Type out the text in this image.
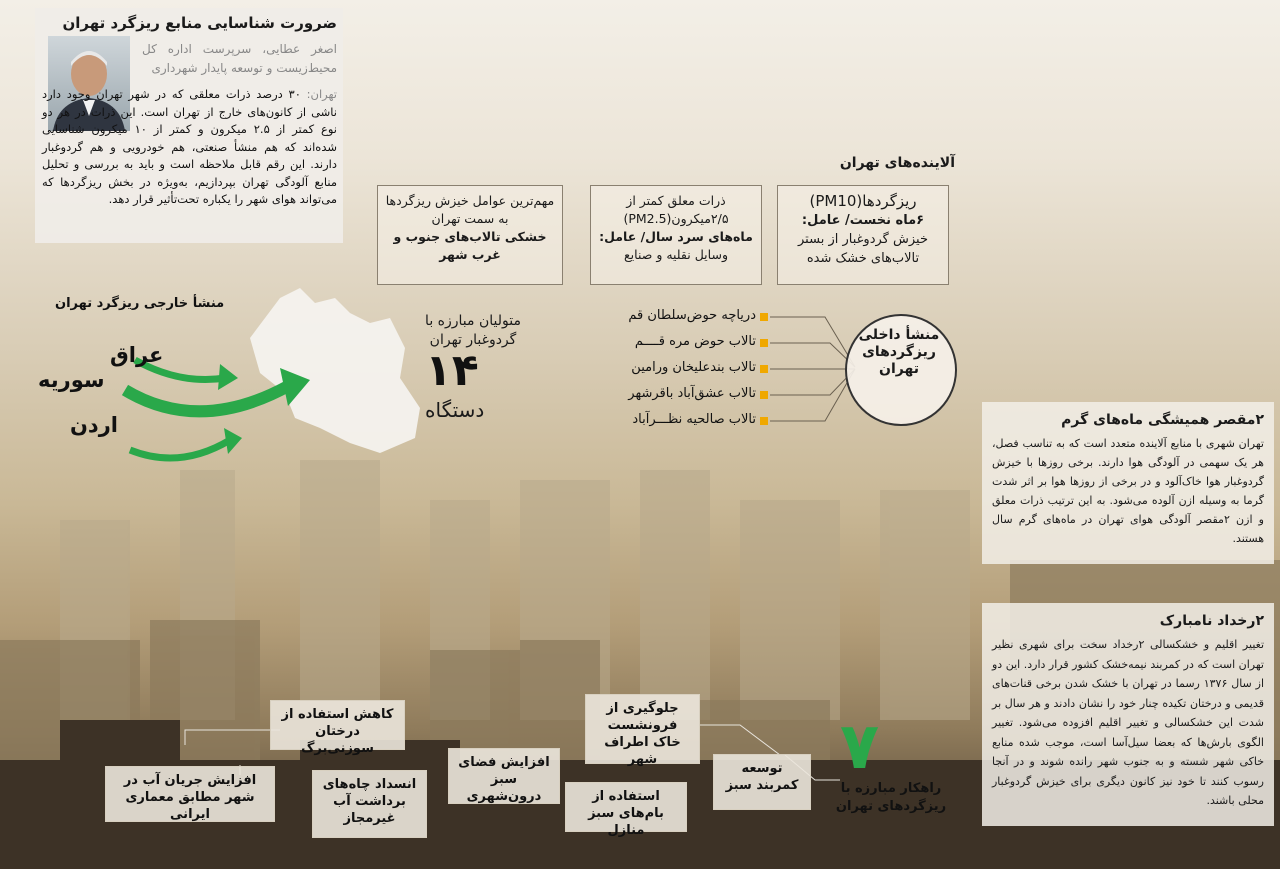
ضرورت شناسایی منابع ریزگرد تهران
اصغر عطایی، سرپرست اداره کل محیط‌زیست و توسعه پایدار شهرداری
تهران: ۳۰ درصد ذرات معلقی که در شهر تهران وجود دارد ناشی از کانون‌های خارج از تهران است. این ذرات در هر دو نوع کمتر از ۲.۵ میکرون و کمتر از ۱۰ میکرون شناسایی شده‌اند که هم منشأ صنعتی، هم خودرویی و هم گردوغبار دارند. این رقم قابل ملاحظه است و باید به بررسی و تحلیل منابع آلودگی تهران بپردازیم، به‌ویژه در بخش ریزگردها که می‌تواند هوای شهر را یکباره تحت‌تأثیر قرار دهد.
آلاینده‌های تهران
ریزگردها(PM10)
۶ماه نخست/ عامل:
خیزش گردوغبار از بستر تالاب‌های خشک شده
ذرات معلق کمتر از
۲/۵میکرون(PM2.5)
ماه‌های سرد سال/ عامل:
وسایل نقلیه و صنایع
مهم‌ترین عوامل خیزش ریزگردها به سمت تهران
خشکی تالاب‌های جنوب و غرب شهر
منشأ خارجی ریزگرد تهران
عراق
سوریه
اردن
متولیان مبارزه با گردوغبار تهران
۱۴
دستگاه
منشأ داخلی ریزگردهای تهران
دریاچه حوض‌سلطان قم
تالاب حوض مره قــــم
تالاب بندعلیخان ورامین
تالاب عشق‌آباد باقرشهر
تالاب صالحیه نظـــرآباد	۲مقصر همیشگی ماه‌های گرم
تهران شهری با منابع آلاینده متعدد است که به تناسب فصل، هر یک سهمی در آلودگی هوا دارند. برخی روزها با خیزش گردوغبار هوا خاک‌آلود و در برخی از روزها هوا بر اثر شدت گرما به وسیله ازن آلوده می‌شود. به این ترتیب ذرات معلق و ازن ۲مقصر آلودگی هوای تهران در ماه‌های گرم سال هستند.
۲رخداد نامبارک
تغییر اقلیم و خشکسالی ۲رخداد سخت برای شهری نظیر تهران است که در کمربند نیمه‌خشک کشور قرار دارد. این دو از سال ۱۳۷۶ رسما در تهران با خشک شدن برخی قنات‌های قدیمی و درختان تکیده چنار خود را نشان دادند و هر سال بر شدت این خشکسالی و تغییر اقلیم افزوده می‌شود. تغییر الگوی بارش‌ها که بعضا سیل‌آسا است، موجب شده منابع خاکی شهر شسته و به جنوب شهر رانده شوند و در آنجا رسوب کنند تا خود نیز کانون دیگری برای خیزش گردوغبار محلی باشند.
۷
راهکار مبارزه با ریزگردهای تهران
توسعه کمربند سبز
جلوگیری از فرونشست خاک اطراف شهر
استفاده از بام‌های سبز منازل
افزایش فضای سبز درون‌شهری
انسداد چاه‌های برداشت آب غیرمجاز
کاهش استفاده از درختان سوزنی‌برگ
افزایش جریان آب در شهر مطابق معماری ایرانی
